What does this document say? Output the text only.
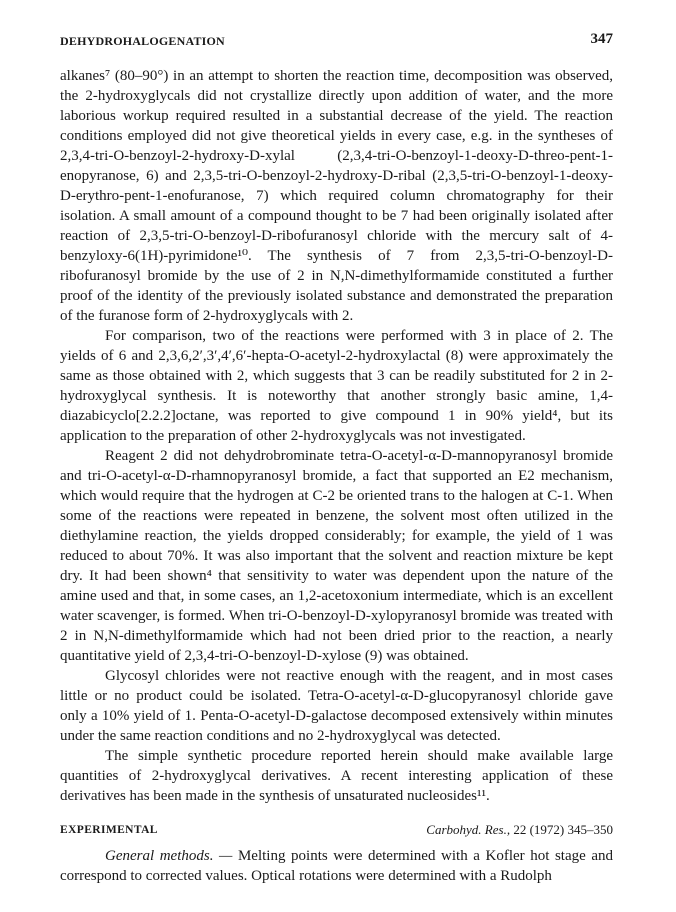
DEHYDROHALOGENATION	347

alkanes⁷ (80–90°) in an attempt to shorten the reaction time, decomposition was observed, the 2-hydroxyglycals did not crystallize directly upon addition of water, and the more laborious workup required resulted in a substantial decrease of the yield. The reaction conditions employed did not give theoretical yields in every case, e.g. in the syntheses of 2,3,4-tri-O-benzoyl-2-hydroxy-D-xylal (2,3,4-tri-O-benzoyl-1-deoxy-D-threo-pent-1-enopyranose, 6) and 2,3,5-tri-O-benzoyl-2-hydroxy-D-ribal (2,3,5-tri-O-benzoyl-1-deoxy-D-erythro-pent-1-enofuranose, 7) which required column chromatography for their isolation. A small amount of a compound thought to be 7 had been originally isolated after reaction of 2,3,5-tri-O-benzoyl-D-ribofuranosyl chloride with the mercury salt of 4-benzyloxy-6(1H)-pyrimidone¹⁰. The synthesis of 7 from 2,3,5-tri-O-benzoyl-D-ribofuranosyl bromide by the use of 2 in N,N-dimethylformamide constituted a further proof of the identity of the previously isolated substance and demonstrated the preparation of the furanose form of 2-hydroxyglycals with 2.

For comparison, two of the reactions were performed with 3 in place of 2. The yields of 6 and 2,3,6,2′,3′,4′,6′-hepta-O-acetyl-2-hydroxylactal (8) were approximately the same as those obtained with 2, which suggests that 3 can be readily substituted for 2 in 2-hydroxyglycal synthesis. It is noteworthy that another strongly basic amine, 1,4-diazabicyclo[2.2.2]octane, was reported to give compound 1 in 90% yield⁴, but its application to the preparation of other 2-hydroxyglycals was not investigated.

Reagent 2 did not dehydrobrominate tetra-O-acetyl-α-D-mannopyranosyl bromide and tri-O-acetyl-α-D-rhamnopyranosyl bromide, a fact that supported an E2 mechanism, which would require that the hydrogen at C-2 be oriented trans to the halogen at C-1. When some of the reactions were repeated in benzene, the solvent most often utilized in the diethylamine reaction, the yields dropped considerably; for example, the yield of 1 was reduced to about 70%. It was also important that the solvent and reaction mixture be kept dry. It had been shown⁴ that sensitivity to water was dependent upon the nature of the amine used and that, in some cases, an 1,2-acetoxonium intermediate, which is an excellent water scavenger, is formed. When tri-O-benzoyl-D-xylopyranosyl bromide was treated with 2 in N,N-dimethylformamide which had not been dried prior to the reaction, a nearly quantitative yield of 2,3,4-tri-O-benzoyl-D-xylose (9) was obtained.

Glycosyl chlorides were not reactive enough with the reagent, and in most cases little or no product could be isolated. Tetra-O-acetyl-α-D-glucopyranosyl chloride gave only a 10% yield of 1. Penta-O-acetyl-D-galactose decomposed extensively within minutes under the same reaction conditions and no 2-hydroxyglycal was detected.

The simple synthetic procedure reported herein should make available large quantities of 2-hydroxyglycal derivatives. A recent interesting application of these derivatives has been made in the synthesis of unsaturated nucleosides¹¹.

EXPERIMENTAL

General methods. — Melting points were determined with a Kofler hot stage and correspond to corrected values. Optical rotations were determined with a Rudolph

Carbohyd. Res., 22 (1972) 345–350
